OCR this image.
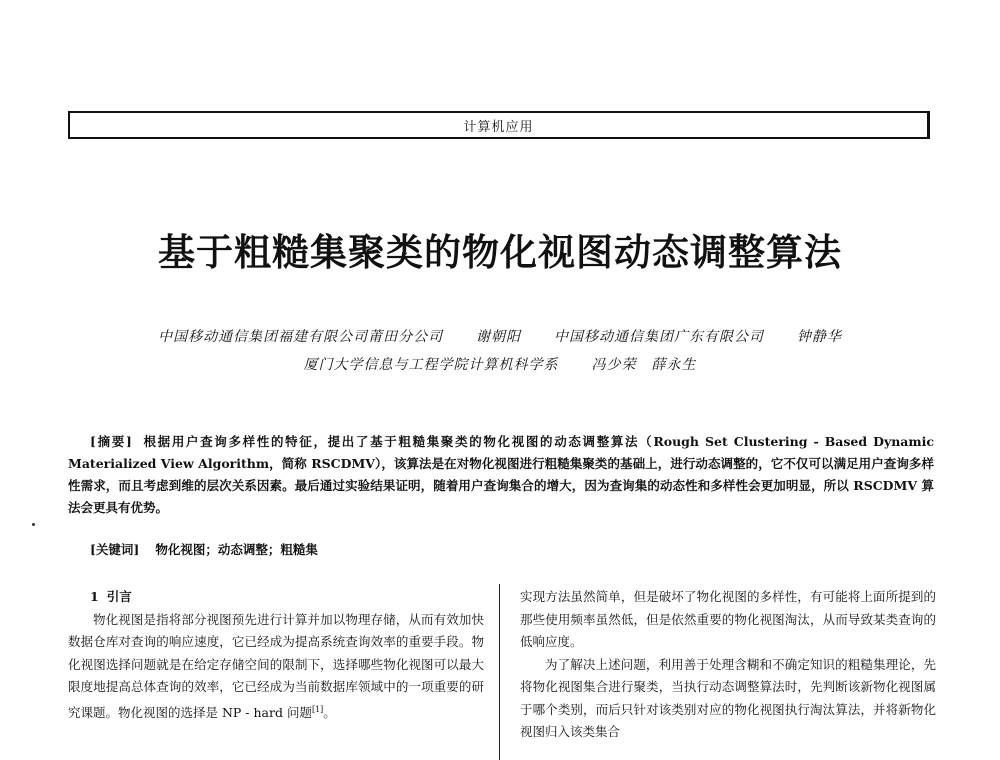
计算机应用
基于粗糙集聚类的物化视图动态调整算法
中国移动通信集团福建有限公司莆田分公司 谢朝阳 中国移动通信集团广东有限公司 钟静华
厦门大学信息与工程学院计算机科学系 冯少荣　薛永生

[摘要] 根据用户查询多样性的特征，提出了基于粗糙集聚类的物化视图的动态调整算法（Rough Set Clustering - Based Dynamic Materialized View Algorithm，简称 RSCDMV），该算法是在对物化视图进行粗糙集聚类的基础上，进行动态调整的，它不仅可以满足用户查询多样性需求，而且考虑到维的层次关系因素。最后通过实验结果证明，随着用户查询集合的增大，因为查询集的动态性和多样性会更加明显，所以 RSCDMV 算法会更具有优势。

[关键词] 物化视图；动态调整；粗糙集
1 引言

物化视图是指将部分视图预先进行计算并加以物理存储，从而有效加快数据仓库对查询的响应速度，它已经成为提高系统查询效率的重要手段。物化视图选择问题就是在给定存储空间的限制下，选择哪些物化视图可以最大限度地提高总体查询的效率，它已经成为当前数据库领域中的一项重要的研究课题。物化视图的选择是 NP - hard 问题[1]。

实现方法虽然简单，但是破坏了物化视图的多样性，有可能将上面所提到的那些使用频率虽然低，但是依然重要的物化视图淘汰，从而导致某类查询的低响应度。

为了解决上述问题，利用善于处理含糊和不确定知识的粗糙集理论，先将物化视图集合进行聚类，当执行动态调整算法时，先判断该新物化视图属于哪个类别，而后只针对该类别对应的物化视图执行淘汰算法，并将新物化视图归入该类集合
